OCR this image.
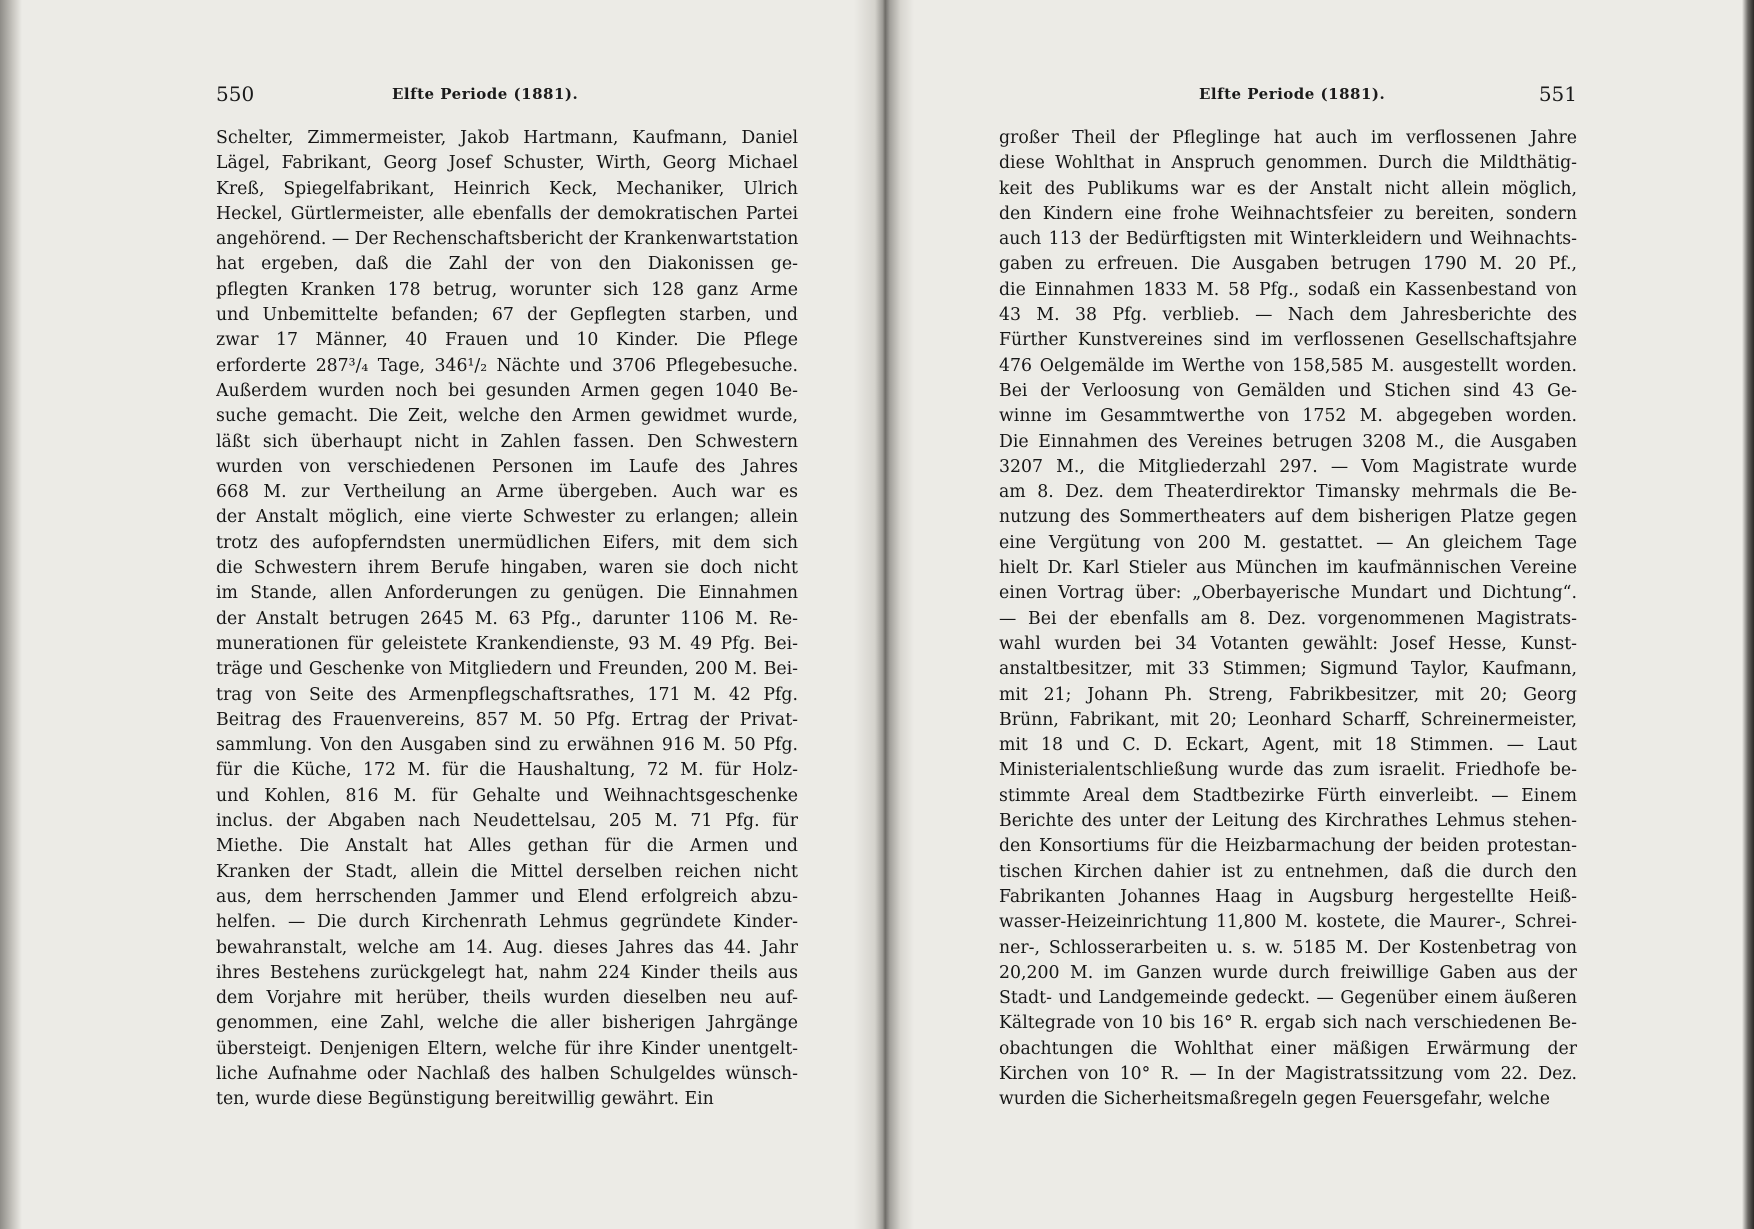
550	Elfte Periode (1881).
Schelter, Zimmermeister, Jakob Hartmann, Kaufmann, Daniel
Lägel, Fabrikant, Georg Josef Schuster, Wirth, Georg Michael
Kreß, Spiegelfabrikant, Heinrich Keck, Mechaniker, Ulrich
Heckel, Gürtlermeister, alle ebenfalls der demokratischen Partei
angehörend. — Der Rechenschaftsbericht der Krankenwartstation
hat ergeben, daß die Zahl der von den Diakonissen ge-
pflegten Kranken 178 betrug, worunter sich 128 ganz Arme
und Unbemittelte befanden; 67 der Gepflegten starben, und
zwar 17 Männer, 40 Frauen und 10 Kinder. Die Pflege
erforderte 287³/₄ Tage, 346¹/₂ Nächte und 3706 Pflegebesuche.
Außerdem wurden noch bei gesunden Armen gegen 1040 Be-
suche gemacht. Die Zeit, welche den Armen gewidmet wurde,
läßt sich überhaupt nicht in Zahlen fassen. Den Schwestern
wurden von verschiedenen Personen im Laufe des Jahres
668 M. zur Vertheilung an Arme übergeben. Auch war es
der Anstalt möglich, eine vierte Schwester zu erlangen; allein
trotz des aufopferndsten unermüdlichen Eifers, mit dem sich
die Schwestern ihrem Berufe hingaben, waren sie doch nicht
im Stande, allen Anforderungen zu genügen. Die Einnahmen
der Anstalt betrugen 2645 M. 63 Pfg., darunter 1106 M. Re-
munerationen für geleistete Krankendienste, 93 M. 49 Pfg. Bei-
träge und Geschenke von Mitgliedern und Freunden, 200 M. Bei-
trag von Seite des Armenpflegschaftsrathes, 171 M. 42 Pfg.
Beitrag des Frauenvereins, 857 M. 50 Pfg. Ertrag der Privat-
sammlung. Von den Ausgaben sind zu erwähnen 916 M. 50 Pfg.
für die Küche, 172 M. für die Haushaltung, 72 M. für Holz-
und Kohlen, 816 M. für Gehalte und Weihnachtsgeschenke
inclus. der Abgaben nach Neudettelsau, 205 M. 71 Pfg. für
Miethe. Die Anstalt hat Alles gethan für die Armen und
Kranken der Stadt, allein die Mittel derselben reichen nicht
aus, dem herrschenden Jammer und Elend erfolgreich abzu-
helfen. — Die durch Kirchenrath Lehmus gegründete Kinder-
bewahranstalt, welche am 14. Aug. dieses Jahres das 44. Jahr
ihres Bestehens zurückgelegt hat, nahm 224 Kinder theils aus
dem Vorjahre mit herüber, theils wurden dieselben neu auf-
genommen, eine Zahl, welche die aller bisherigen Jahrgänge
übersteigt. Denjenigen Eltern, welche für ihre Kinder unentgelt-
liche Aufnahme oder Nachlaß des halben Schulgeldes wünsch-
ten, wurde diese Begünstigung bereitwillig gewährt. Ein
Elfte Periode (1881).	551
großer Theil der Pfleglinge hat auch im verflossenen Jahre
diese Wohlthat in Anspruch genommen. Durch die Mildthätig-
keit des Publikums war es der Anstalt nicht allein möglich,
den Kindern eine frohe Weihnachtsfeier zu bereiten, sondern
auch 113 der Bedürftigsten mit Winterkleidern und Weihnachts-
gaben zu erfreuen. Die Ausgaben betrugen 1790 M. 20 Pf.,
die Einnahmen 1833 M. 58 Pfg., sodaß ein Kassenbestand von
43 M. 38 Pfg. verblieb. — Nach dem Jahresberichte des
Fürther Kunstvereines sind im verflossenen Gesellschaftsjahre
476 Oelgemälde im Werthe von 158,585 M. ausgestellt worden.
Bei der Verloosung von Gemälden und Stichen sind 43 Ge-
winne im Gesammtwerthe von 1752 M. abgegeben worden.
Die Einnahmen des Vereines betrugen 3208 M., die Ausgaben
3207 M., die Mitgliederzahl 297. — Vom Magistrate wurde
am 8. Dez. dem Theaterdirektor Timansky mehrmals die Be-
nutzung des Sommertheaters auf dem bisherigen Platze gegen
eine Vergütung von 200 M. gestattet. — An gleichem Tage
hielt Dr. Karl Stieler aus München im kaufmännischen Vereine
einen Vortrag über: „Oberbayerische Mundart und Dichtung“.
— Bei der ebenfalls am 8. Dez. vorgenommenen Magistrats-
wahl wurden bei 34 Votanten gewählt: Josef Hesse, Kunst-
anstaltbesitzer, mit 33 Stimmen; Sigmund Taylor, Kaufmann,
mit 21; Johann Ph. Streng, Fabrikbesitzer, mit 20; Georg
Brünn, Fabrikant, mit 20; Leonhard Scharff, Schreinermeister,
mit 18 und C. D. Eckart, Agent, mit 18 Stimmen. — Laut
Ministerialentschließung wurde das zum israelit. Friedhofe be-
stimmte Areal dem Stadtbezirke Fürth einverleibt. — Einem
Berichte des unter der Leitung des Kirchrathes Lehmus stehen-
den Konsortiums für die Heizbarmachung der beiden protestan-
tischen Kirchen dahier ist zu entnehmen, daß die durch den
Fabrikanten Johannes Haag in Augsburg hergestellte Heiß-
wasser-Heizeinrichtung 11,800 M. kostete, die Maurer-, Schrei-
ner-, Schlosserarbeiten u. s. w. 5185 M. Der Kostenbetrag von
20,200 M. im Ganzen wurde durch freiwillige Gaben aus der
Stadt- und Landgemeinde gedeckt. — Gegenüber einem äußeren
Kältegrade von 10 bis 16° R. ergab sich nach verschiedenen Be-
obachtungen die Wohlthat einer mäßigen Erwärmung der
Kirchen von 10° R. — In der Magistratssitzung vom 22. Dez.
wurden die Sicherheitsmaßregeln gegen Feuersgefahr, welche
